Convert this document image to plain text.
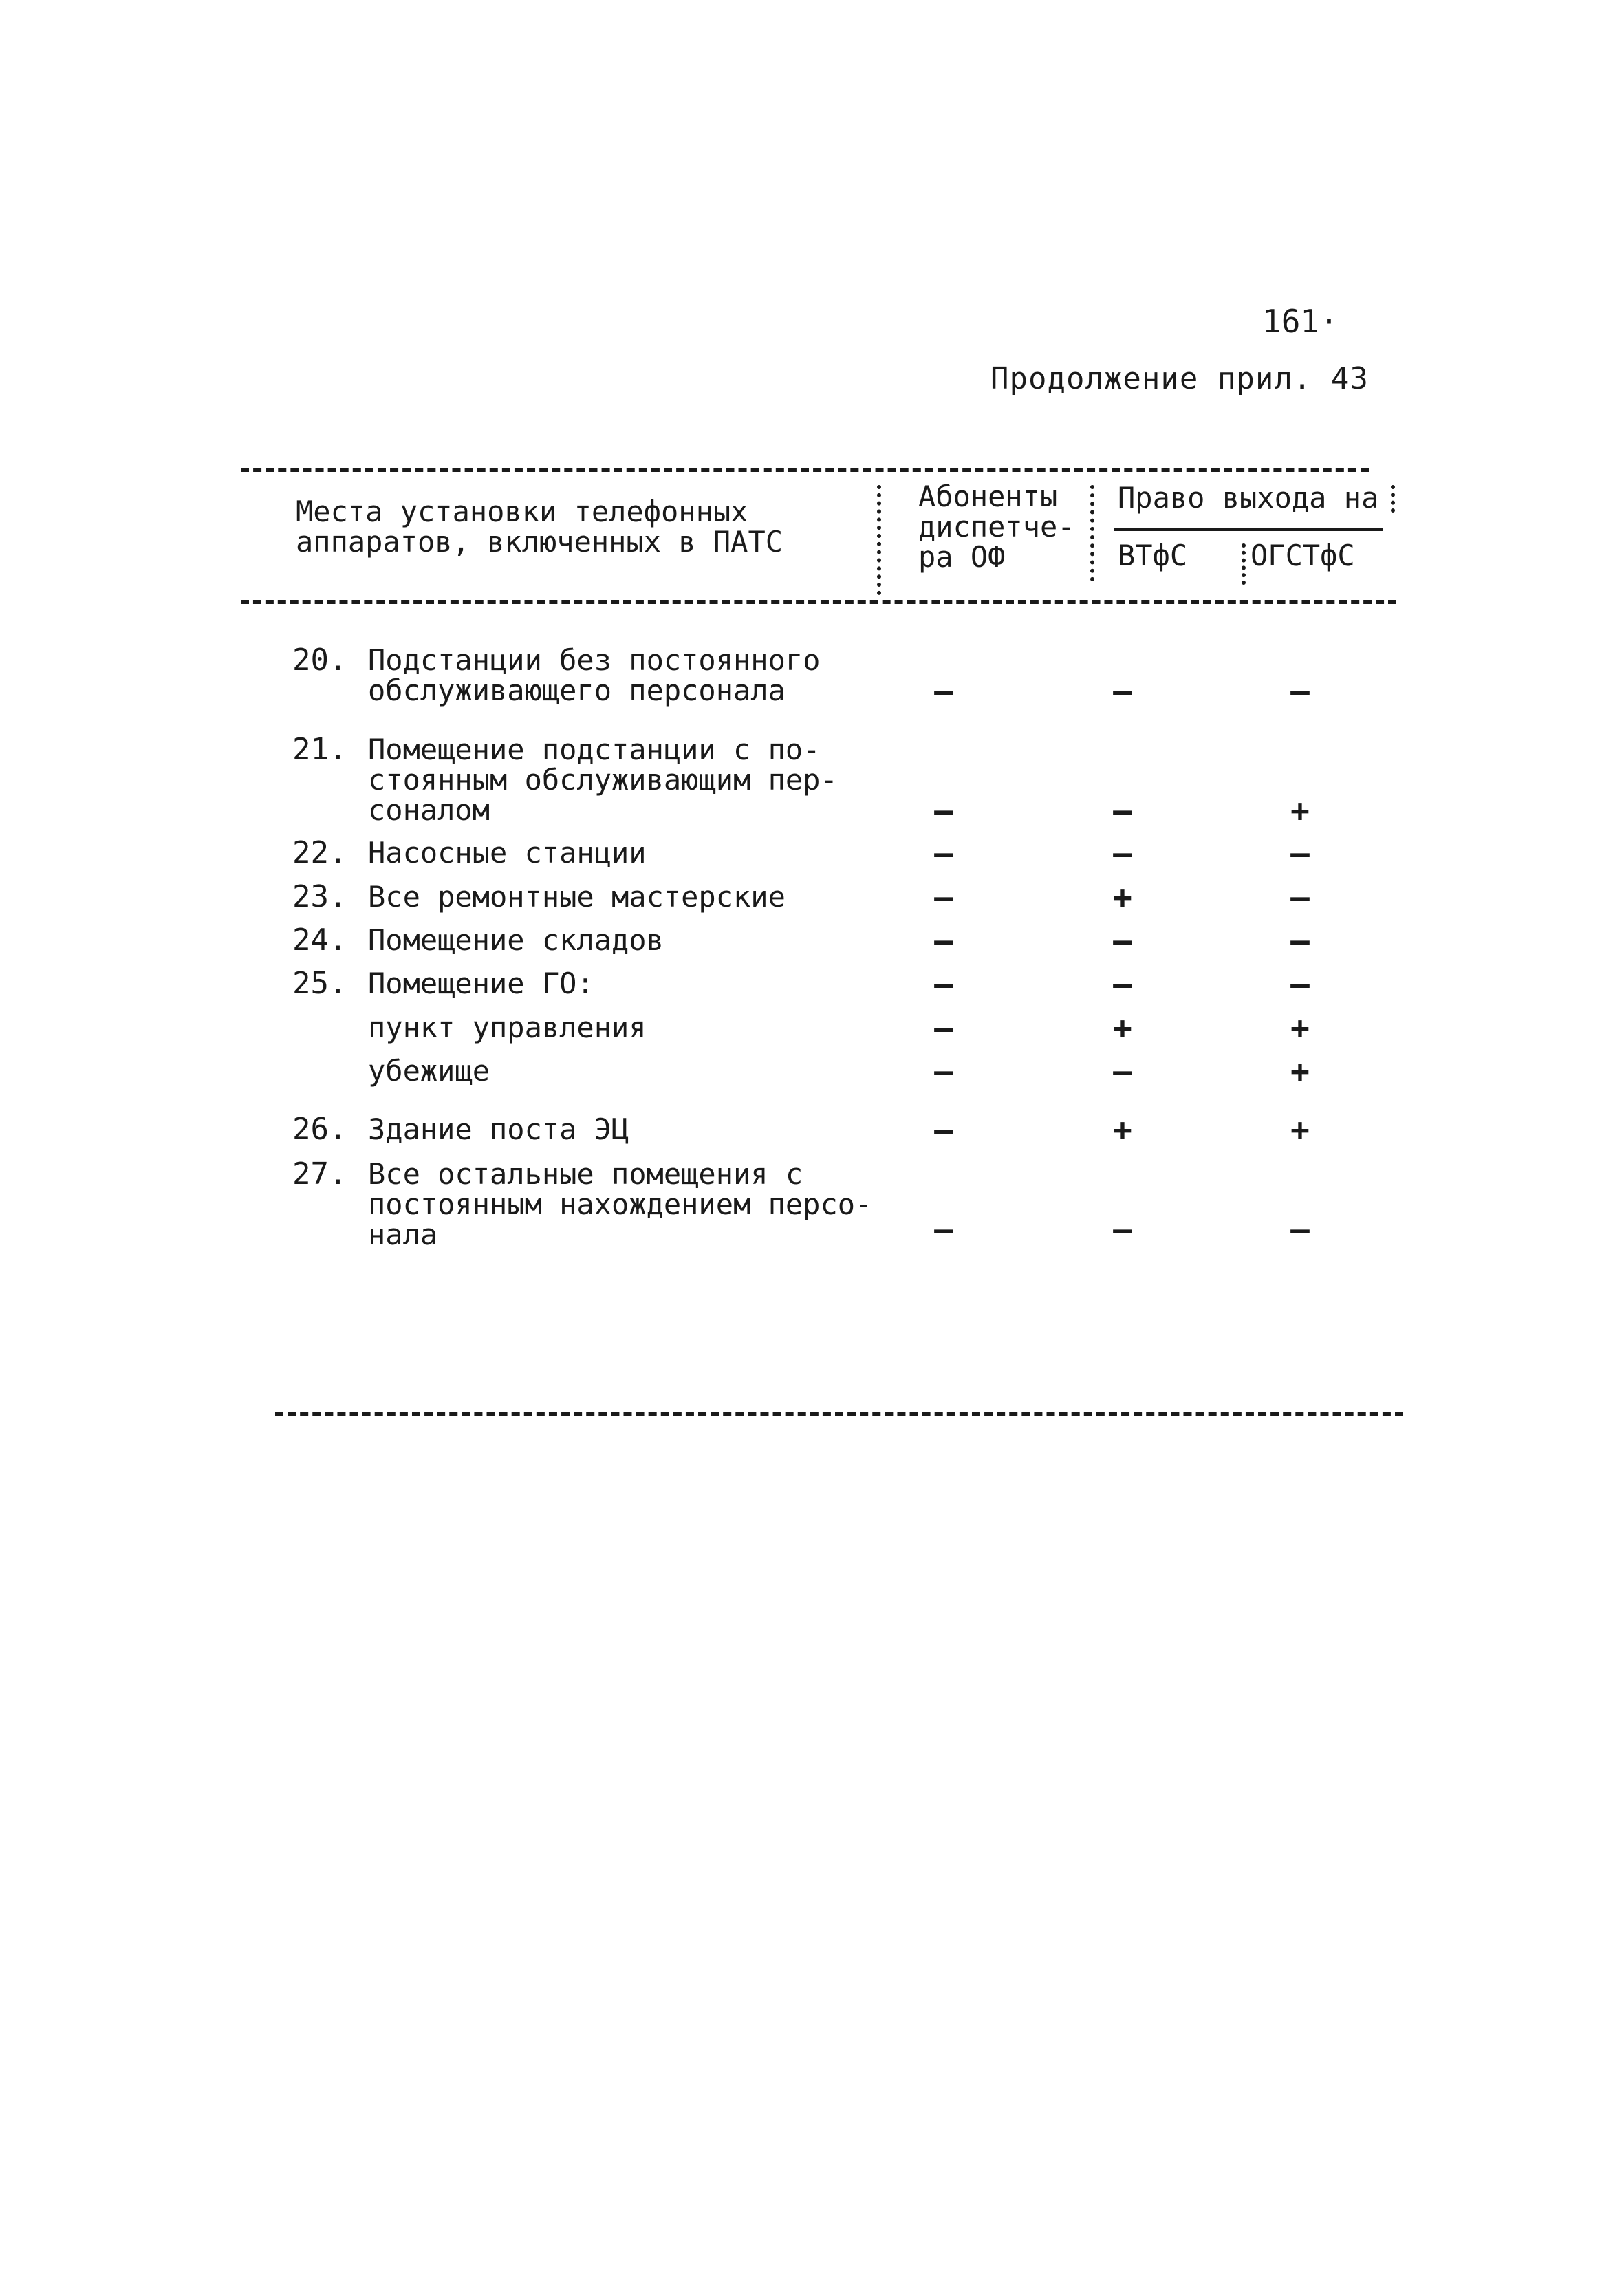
161·
Продолжение прил. 43
Места установки телефонных
аппаратов, включенных в ПАТС
Абоненты
диспетче-
ра ОФ
Право выхода на
ВТфС ОГСТфС
20. Подстанции без постоянного
обслуживающего персонала	–	–	–
21. Помещение подстанции с по-
стоянным обслуживающим пер-
соналом	–	–	+
22. Насосные станции	–	–	–
23. Все ремонтные мастерские	–	+	–
24. Помещение складов	–	–	–
25. Помещение ГО:	–	–	–
пункт управления	–	+	+
убежище	–	–	+
26. Здание поста ЭЦ	–	+	+
27. Все остальные помещения с
постоянным нахождением персо-
нала	–	–	–
